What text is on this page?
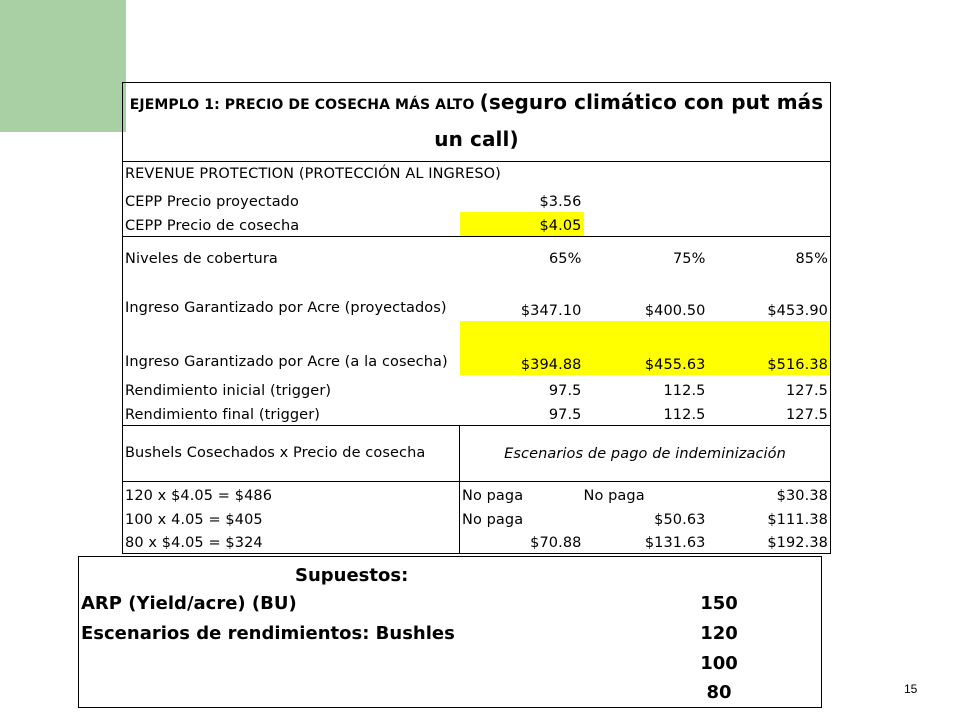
EJEMPLO 1: PRECIO DE COSECHA MÁS ALTO (seguro climático con put más un call)			
REVENUE PROTECTION (PROTECCIÓN AL INGRESO)			
CEPP Precio proyectado	$3.56		
CEPP Precio de cosecha	$4.05		
Niveles de cobertura	65%	75%	85%
Ingreso Garantizado por Acre (proyectados)	$347.10	$400.50	$453.90
Ingreso Garantizado por Acre (a la cosecha)	$394.88	$455.63	$516.38
Rendimiento inicial (trigger)	97.5	112.5	127.5
Rendimiento final (trigger)	97.5	112.5	127.5
Bushels Cosechados x Precio de cosecha	Escenarios de pago de indeminización		
120 x $4.05 = $486	No paga	No paga	$30.38
100 x 4.05 = $405	No paga	$50.63	$111.38
80 x $4.05 = $324	$70.88	$131.63	$192.38
Supuestos:
ARP (Yield/acre) (BU)	150
Escenarios de rendimientos: Bushles	120
100
80	15
